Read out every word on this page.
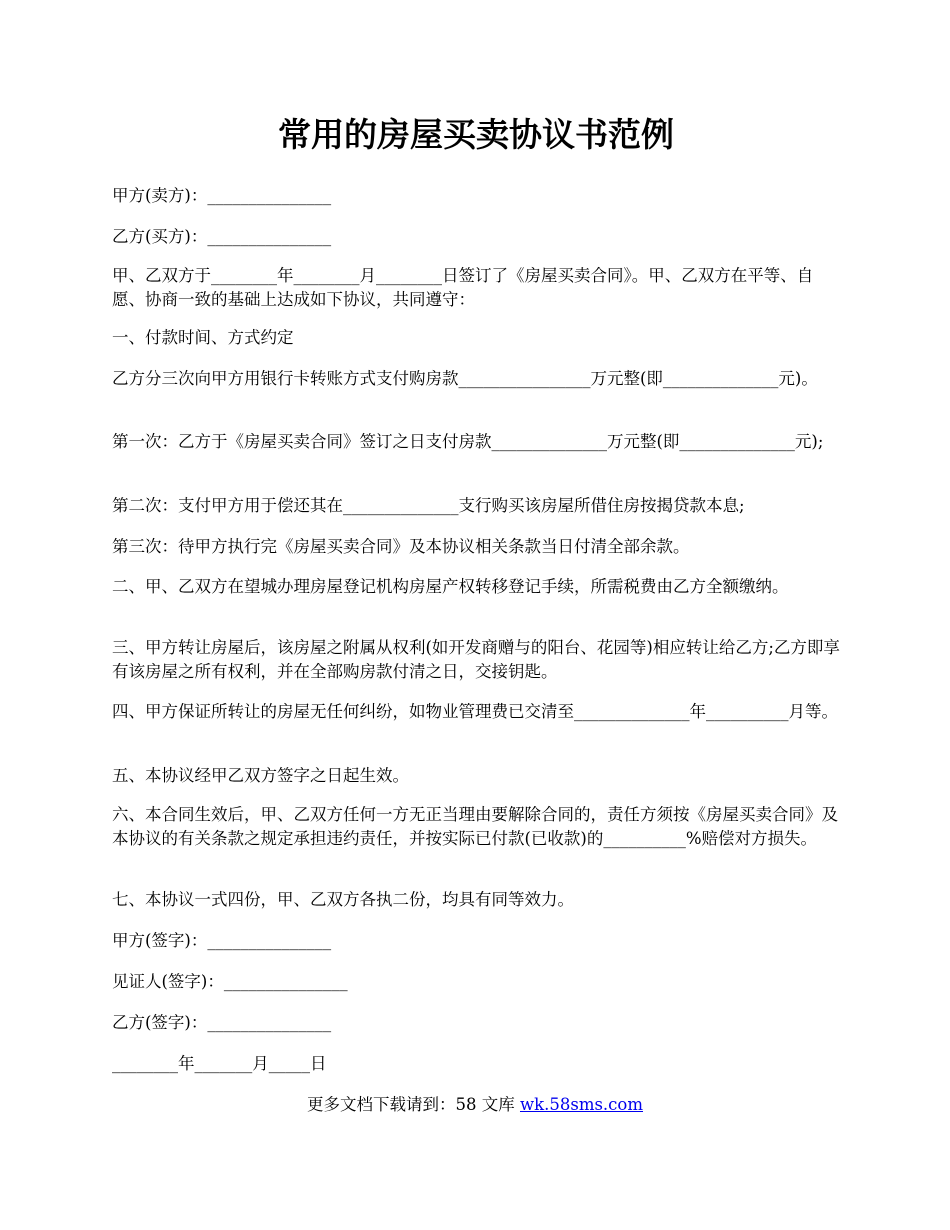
常用的房屋买卖协议书范例

甲方(卖方)：_______________

乙方(买方)：_______________

甲、乙双方于________年________月________日签订了《房屋买卖合同》。甲、乙双方在平等、自愿、协商一致的基础上达成如下协议，共同遵守：

一、付款时间、方式约定

乙方分三次向甲方用银行卡转账方式支付购房款________________万元整(即______________元)。

第一次：乙方于《房屋买卖合同》签订之日支付房款______________万元整(即______________元);

第二次：支付甲方用于偿还其在______________支行购买该房屋所借住房按揭贷款本息;

第三次：待甲方执行完《房屋买卖合同》及本协议相关条款当日付清全部余款。

二、甲、乙双方在望城办理房屋登记机构房屋产权转移登记手续，所需税费由乙方全额缴纳。

三、甲方转让房屋后，该房屋之附属从权利(如开发商赠与的阳台、花园等)相应转让给乙方;乙方即享有该房屋之所有权利，并在全部购房款付清之日，交接钥匙。

四、甲方保证所转让的房屋无任何纠纷，如物业管理费已交清至______________年__________月等。

五、本协议经甲乙双方签字之日起生效。

六、本合同生效后，甲、乙双方任何一方无正当理由要解除合同的，责任方须按《房屋买卖合同》及本协议的有关条款之规定承担违约责任，并按实际已付款(已收款)的__________%赔偿对方损失。

七、本协议一式四份，甲、乙双方各执二份，均具有同等效力。

甲方(签字)：_______________

见证人(签字)：_______________

乙方(签字)：_______________

________年_______月_____日

更多文档下载请到：58 文库 wk.58sms.com
